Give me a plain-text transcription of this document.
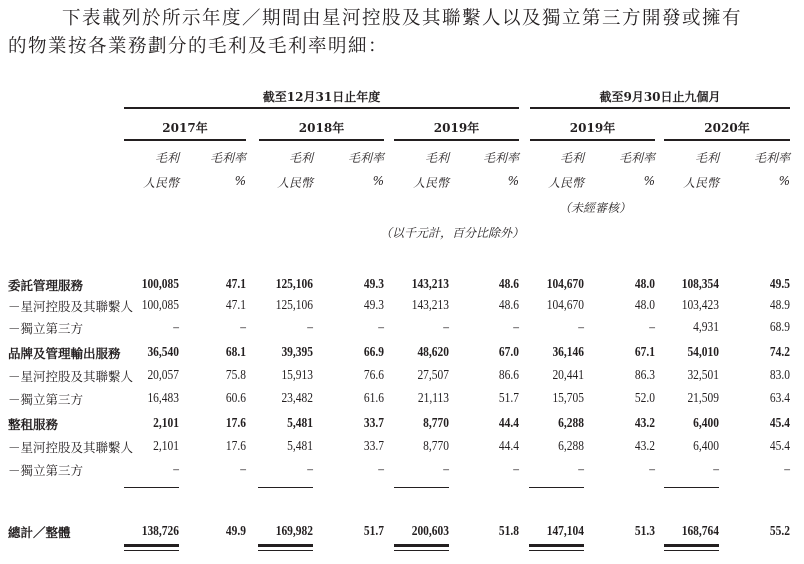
下表載列於所示年度／期間由星河控股及其聯繫人以及獨立第三方開發或擁有
的物業按各業務劃分的毛利及毛利率明細：
截至12月31日止年度	截至9月30日止九個月
2017年
毛利	毛利率
人民幣	%
2018年
毛利	毛利率
人民幣	%
2019年
毛利	毛利率
人民幣	%
2019年
毛利	毛利率
人民幣	%
2020年
毛利	毛利率
人民幣	%
（未經審核）
（以千元計，百分比除外）
委託管理服務	100,085	47.1	125,106	49.3	143,213	48.6	104,670	48.0	108,354	49.5
－星河控股及其聯繫人 100,085	47.1	125,106	49.3	143,213	48.6	104,670	48.0	103,423	48.9
－獨立第三方	–	–	–	–	–	–	–	–	4,931	68.9
品牌及管理輸出服務	36,540	68.1	39,395	66.9	48,620	67.0	36,146	67.1	54,010	74.2
－星河控股及其聯繫人	20,057	75.8	15,913	76.6	27,507	86.6	20,441	86.3	32,501	83.0
－獨立第三方	16,483	60.6	23,482	61.6	21,113	51.7	15,705	52.0	21,509	63.4
整租服務	2,101	17.6	5,481	33.7	8,770	44.4	6,288	43.2	6,400	45.4
－星河控股及其聯繫人	2,101	17.6	5,481	33.7	8,770	44.4	6,288	43.2	6,400	45.4
－獨立第三方	–	–	–	–	–	–	–	–	–	–
總計／整體	138,726	49.9	169,982	51.7	200,603	51.8	147,104	51.3	168,764	55.2
